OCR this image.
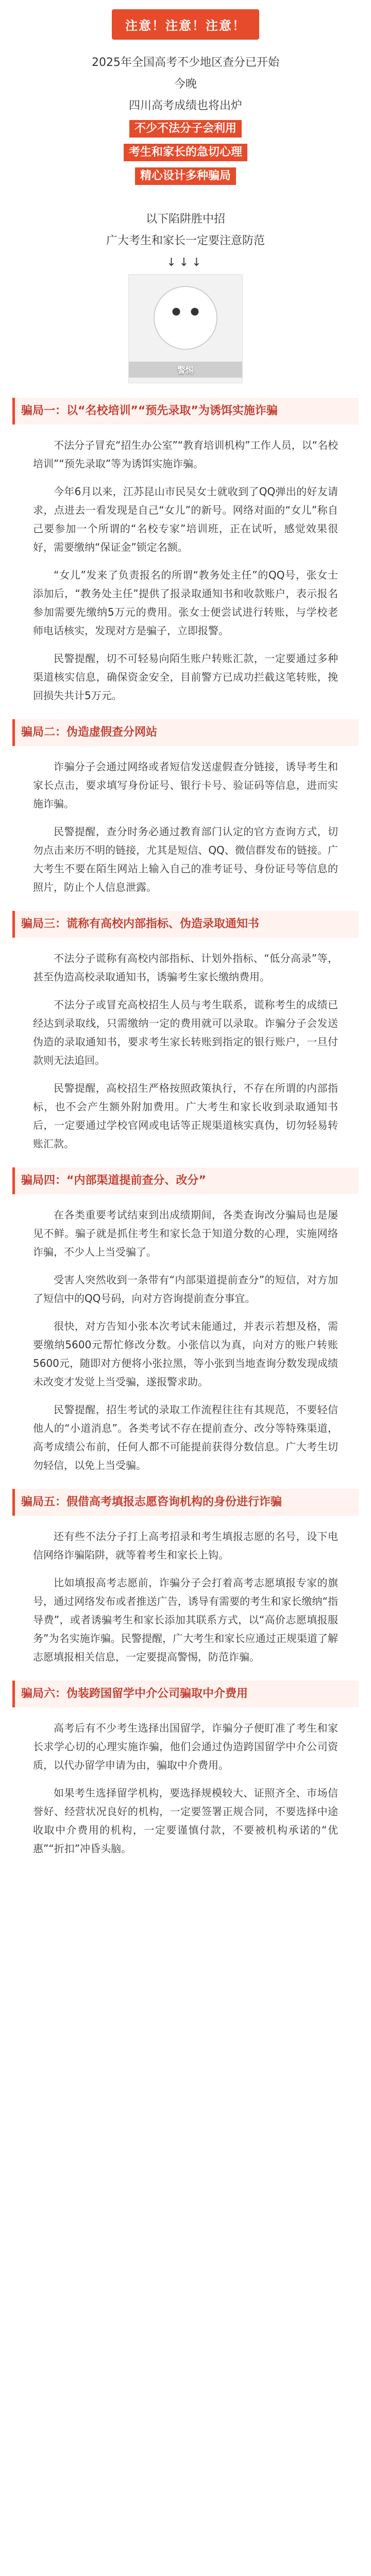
注意！注意！注意！
2025年全国高考不少地区查分已开始
今晚
四川高考成绩也将出炉
不少不法分子会利用
考生和家长的急切心理
精心设计多种骗局
以下陷阱胜中招
广大考生和家长一定要注意防范
↓↓↓
警惕
骗局一：以“名校培训”“预先录取”为诱饵实施诈骗
不法分子冒充“招生办公室”“教育培训机构”工作人员，以“名校培训”“预先录取”等为诱饵实施诈骗。
今年6月以来，江苏昆山市民吴女士就收到了QQ弹出的好友请求，点进去一看发现是自己“女儿”的新号。网络对面的“女儿”称自己要参加一个所谓的“名校专家”培训班，正在试听，感觉效果很好，需要缴纳“保证金”锁定名额。
“女儿”发来了负责报名的所谓“教务处主任”的QQ号，张女士添加后，“教务处主任”提供了报录取通知书和收款账户，表示报名参加需要先缴纳5万元的费用。张女士便尝试进行转账，与学校老师电话核实，发现对方是骗子，立即报警。
民警提醒，切不可轻易向陌生账户转账汇款，一定要通过多种渠道核实信息，确保资金安全，目前警方已成功拦截这笔转账，挽回损失共计5万元。
骗局二：伪造虚假查分网站
诈骗分子会通过网络或者短信发送虚假查分链接，诱导考生和家长点击，要求填写身份证号、银行卡号、验证码等信息，进而实施诈骗。
民警提醒，查分时务必通过教育部门认定的官方查询方式，切勿点击来历不明的链接，尤其是短信、QQ、微信群发布的链接。广大考生不要在陌生网站上输入自己的准考证号、身份证号等信息的照片，防止个人信息泄露。
骗局三：谎称有高校内部指标、伪造录取通知书
不法分子谎称有高校内部指标、计划外指标、“低分高录”等，甚至伪造高校录取通知书，诱骗考生家长缴纳费用。
不法分子或冒充高校招生人员与考生联系，谎称考生的成绩已经达到录取线，只需缴纳一定的费用就可以录取。诈骗分子会发送伪造的录取通知书，要求考生家长转账到指定的银行账户，一旦付款则无法追回。
民警提醒，高校招生严格按照政策执行，不存在所谓的内部指标，也不会产生额外附加费用。广大考生和家长收到录取通知书后，一定要通过学校官网或电话等正规渠道核实真伪，切勿轻易转账汇款。
骗局四：“内部渠道提前查分、改分”
在各类重要考试结束到出成绩期间，各类查询改分骗局也是屡见不鲜。骗子就是抓住考生和家长急于知道分数的心理，实施网络诈骗，不少人上当受骗了。
受害人突然收到一条带有“内部渠道提前查分”的短信，对方加了短信中的QQ号码，向对方咨询提前查分事宜。
很快，对方告知小张本次考试未能通过，并表示若想及格，需要缴纳5600元帮忙修改分数。小张信以为真，向对方的账户转账5600元，随即对方便将小张拉黑，等小张到当地查询分数发现成绩未改变才发觉上当受骗，遂报警求助。
民警提醒，招生考试的录取工作流程往往有其规范，不要轻信他人的“小道消息”。各类考试不存在提前查分、改分等特殊渠道，高考成绩公布前，任何人都不可能提前获得分数信息。广大考生切勿轻信，以免上当受骗。
骗局五：假借高考填报志愿咨询机构的身份进行诈骗
还有些不法分子打上高考招录和考生填报志愿的名号，设下电信网络诈骗陷阱，就等着考生和家长上钩。
比如填报高考志愿前，诈骗分子会打着高考志愿填报专家的旗号，通过网络发布或者推送广告，诱导有需要的考生和家长缴纳“指导费”，或者诱骗考生和家长添加其联系方式，以“高价志愿填报服务”为名实施诈骗。民警提醒，广大考生和家长应通过正规渠道了解志愿填报相关信息，一定要提高警惕，防范诈骗。
骗局六：伪装跨国留学中介公司骗取中介费用
高考后有不少考生选择出国留学，诈骗分子便盯准了考生和家长求学心切的心理实施诈骗，他们会通过伪造跨国留学中介公司资质，以代办留学申请为由，骗取中介费用。
如果考生选择留学机构，要选择规模较大、证照齐全、市场信誉好、经营状况良好的机构，一定要签署正规合同，不要选择中途收取中介费用的机构，一定要谨慎付款，不要被机构承诺的“优惠”“折扣”冲昏头脑。
